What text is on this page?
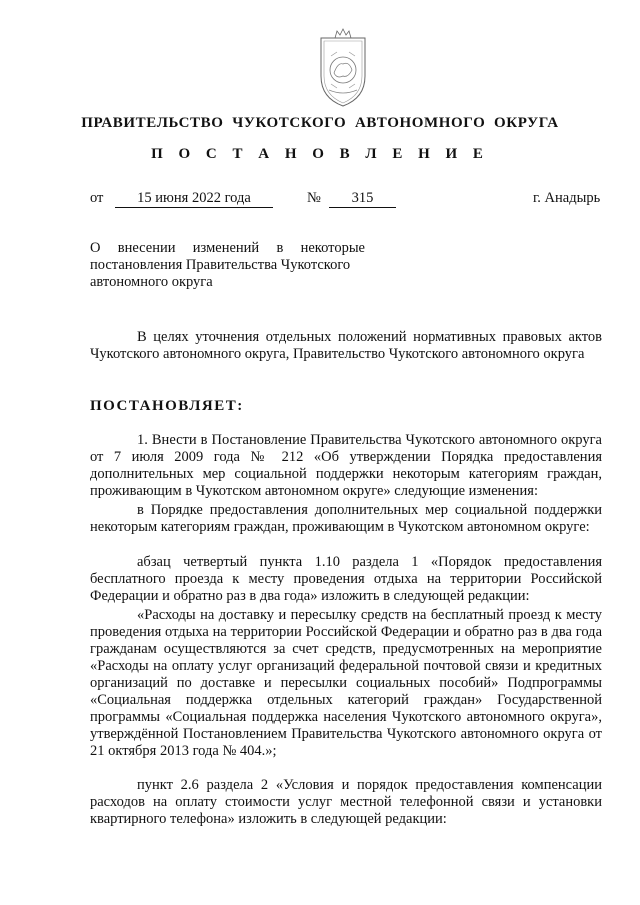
ПРАВИТЕЛЬСТВО  ЧУКОТСКОГО  АВТОНОМНОГО  ОКРУГА
П О С Т А Н О В Л Е Н И Е
от	15 июня 2022 года	№	315	г. Анадырь
О внесении изменений в некоторые
постановления Правительства Чукотского
автономного округа
В целях уточнения отдельных положений нормативных правовых актов Чукотского автономного округа, Правительство Чукотского автономного округа
ПОСТАНОВЛЯЕТ:
1. Внести в Постановление Правительства Чукотского автономного округа от 7 июля 2009 года № 212 «Об утверждении Порядка предоставления дополнительных мер социальной поддержки некоторым категориям граждан, проживающим в Чукотском автономном округе» следующие изменения:
в Порядке предоставления дополнительных мер социальной поддержки некоторым категориям граждан, проживающим в Чукотском автономном округе:
абзац четвертый пункта 1.10 раздела 1 «Порядок предоставления бесплатного проезда к месту проведения отдыха на территории Российской Федерации и обратно раз в два года» изложить в следующей редакции:
«Расходы на доставку и пересылку средств на бесплатный проезд к месту проведения отдыха на территории Российской Федерации и обратно раз в два года гражданам осуществляются за счет средств, предусмотренных на мероприятие «Расходы на оплату услуг организаций федеральной почтовой связи и кредитных организаций по доставке и пересылки социальных пособий» Подпрограммы «Социальная поддержка отдельных категорий граждан» Государственной программы «Социальная поддержка населения Чукотского автономного округа», утверждённой Постановлением Правительства Чукотского автономного округа от 21 октября 2013 года № 404.»;
пункт 2.6 раздела 2 «Условия и порядок предоставления компенсации расходов на оплату стоимости услуг местной телефонной связи и установки квартирного телефона» изложить в следующей редакции:
